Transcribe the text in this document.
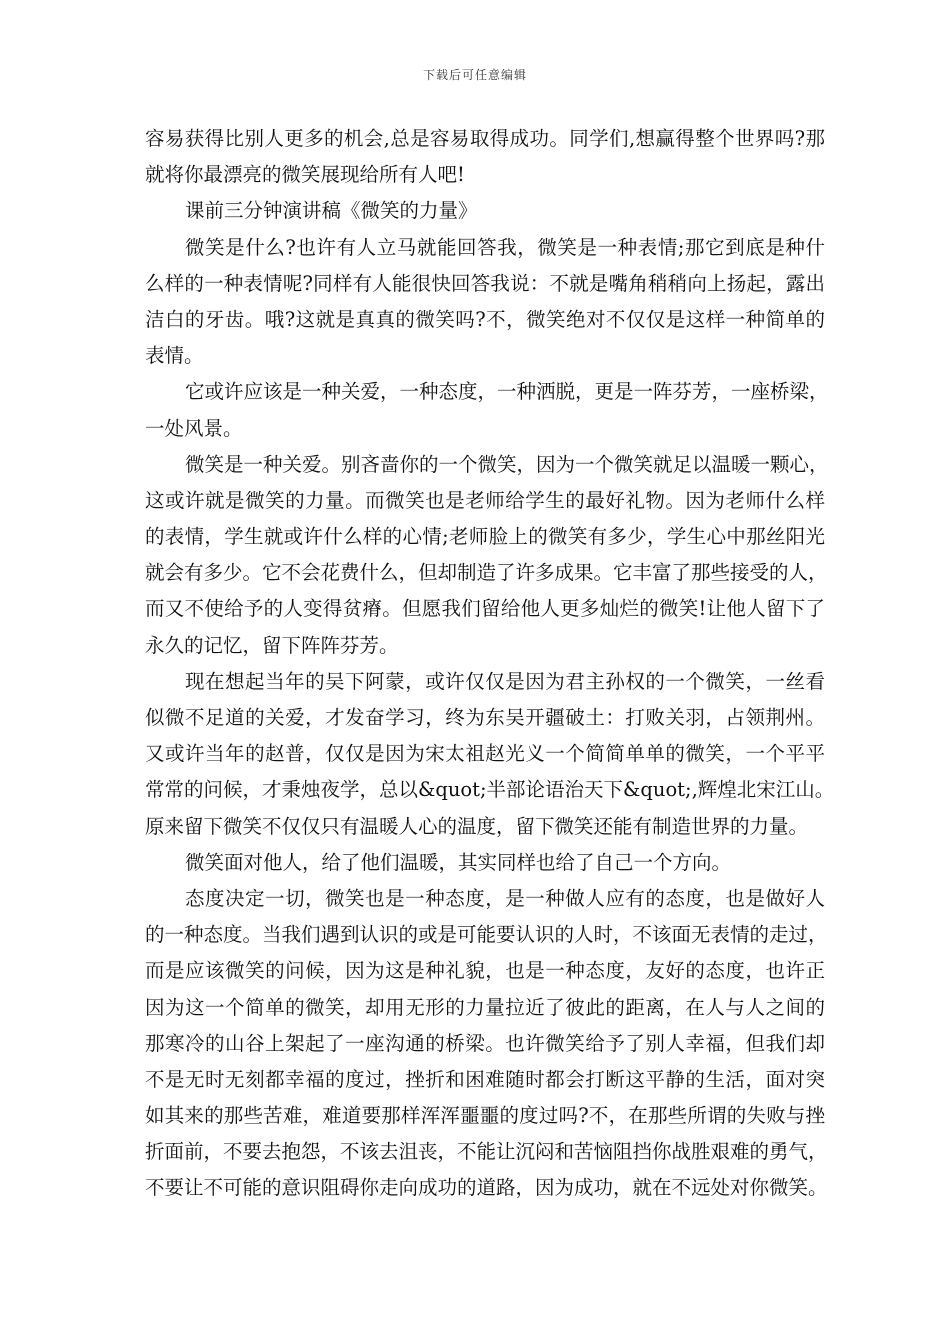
下载后可任意编辑
容易获得比别人更多的机会,总是容易取得成功。同学们,想赢得整个世界吗?那
就将你最漂亮的微笑展现给所有人吧!
课前三分钟演讲稿《微笑的力量》
微笑是什么?也许有人立马就能回答我，微笑是一种表情;那它到底是种什
么样的一种表情呢?同样有人能很快回答我说：不就是嘴角稍稍向上扬起，露出
洁白的牙齿。哦?这就是真真的微笑吗?不，微笑绝对不仅仅是这样一种简单的
表情。
它或许应该是一种关爱，一种态度，一种洒脱，更是一阵芬芳，一座桥梁，
一处风景。
微笑是一种关爱。别吝啬你的一个微笑，因为一个微笑就足以温暖一颗心，
这或许就是微笑的力量。而微笑也是老师给学生的最好礼物。因为老师什么样
的表情，学生就或许什么样的心情;老师脸上的微笑有多少，学生心中那丝阳光
就会有多少。它不会花费什么，但却制造了许多成果。它丰富了那些接受的人，
而又不使给予的人变得贫瘠。但愿我们留给他人更多灿烂的微笑!让他人留下了
永久的记忆，留下阵阵芬芳。
现在想起当年的吴下阿蒙，或许仅仅是因为君主孙权的一个微笑，一丝看
似微不足道的关爱，才发奋学习，终为东吴开疆破土：打败关羽，占领荆州。
又或许当年的赵普，仅仅是因为宋太祖赵光义一个简简单单的微笑，一个平平
常常的问候，才秉烛夜学，总以&quot;半部论语治天下&quot;,辉煌北宋江山。
原来留下微笑不仅仅只有温暖人心的温度，留下微笑还能有制造世界的力量。
微笑面对他人，给了他们温暖，其实同样也给了自己一个方向。
态度决定一切，微笑也是一种态度，是一种做人应有的态度，也是做好人
的一种态度。当我们遇到认识的或是可能要认识的人时，不该面无表情的走过，
而是应该微笑的问候，因为这是种礼貌，也是一种态度，友好的态度，也许正
因为这一个简单的微笑，却用无形的力量拉近了彼此的距离，在人与人之间的
那寒冷的山谷上架起了一座沟通的桥梁。也许微笑给予了别人幸福，但我们却
不是无时无刻都幸福的度过，挫折和困难随时都会打断这平静的生活，面对突
如其来的那些苦难，难道要那样浑浑噩噩的度过吗?不，在那些所谓的失败与挫
折面前，不要去抱怨，不该去沮丧，不能让沉闷和苦恼阻挡你战胜艰难的勇气，
不要让不可能的意识阻碍你走向成功的道路，因为成功，就在不远处对你微笑。
